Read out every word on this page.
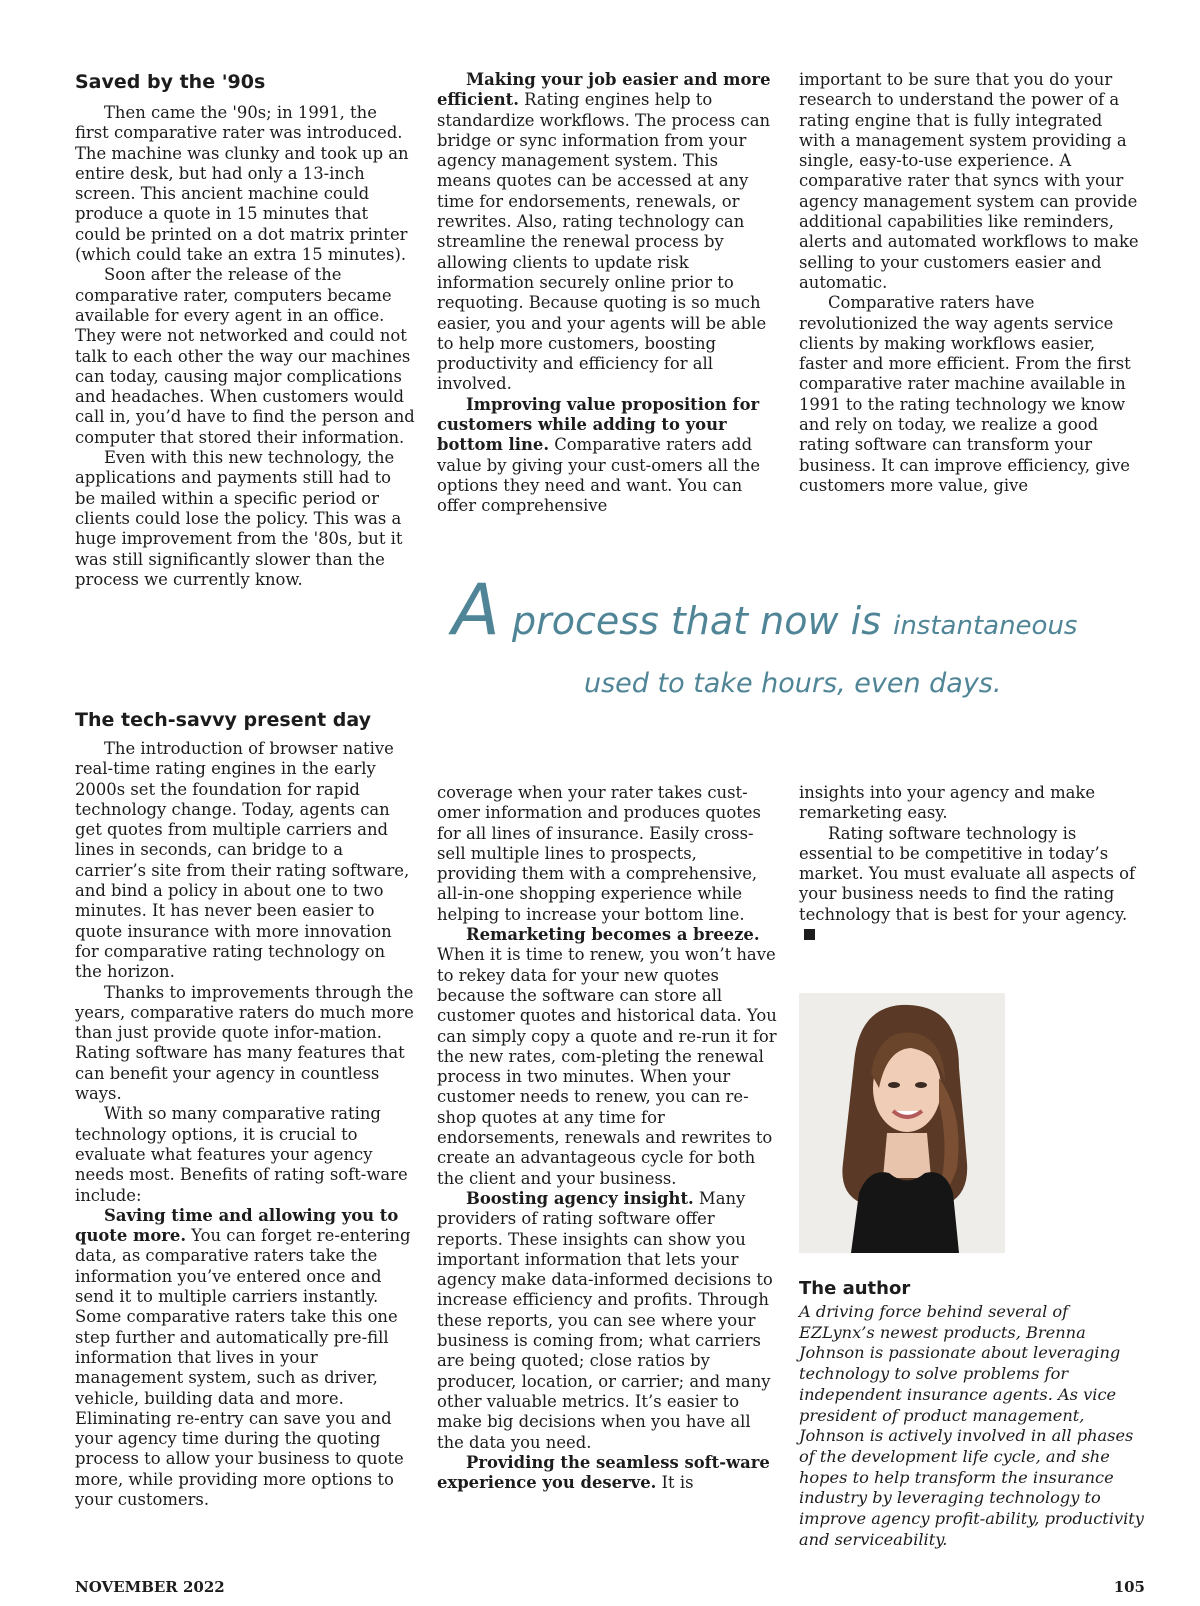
Saved by the '90s

Then came the '90s; in 1991, the first comparative rater was introduced. The machine was clunky and took up an entire desk, but had only a 13-inch screen. This ancient machine could produce a quote in 15 minutes that could be printed on a dot matrix printer (which could take an extra 15 minutes).

Soon after the release of the comparative rater, computers became available for every agent in an office. They were not networked and could not talk to each other the way our machines can today, causing major complications and headaches. When customers would call in, you’d have to find the person and computer that stored their information.

Even with this new technology, the applications and payments still had to be mailed within a specific period or clients could lose the policy. This was a huge improvement from the '80s, but it was still significantly slower than the process we currently know.

The tech-savvy present day

The introduction of browser native real-time rating engines in the early 2000s set the foundation for rapid technology change. Today, agents can get quotes from multiple carriers and lines in seconds, can bridge to a carrier’s site from their rating software, and bind a policy in about one to two minutes. It has never been easier to quote insurance with more innovation for comparative rating technology on the horizon.

Thanks to improvements through the years, comparative raters do much more than just provide quote infor-mation. Rating software has many features that can benefit your agency in countless ways.

With so many comparative rating technology options, it is crucial to evaluate what features your agency needs most. Benefits of rating soft-ware include:

Saving time and allowing you to quote more. You can forget re-entering data, as comparative raters take the information you’ve entered once and send it to multiple carriers instantly. Some comparative raters take this one step further and automatically pre-fill information that lives in your management system, such as driver, vehicle, building data and more. Eliminating re-entry can save you and your agency time during the quoting process to allow your business to quote more, while providing more options to your customers.

Making your job easier and more efficient. Rating engines help to standardize workflows. The process can bridge or sync information from your agency management system. This means quotes can be accessed at any time for endorsements, renewals, or rewrites. Also, rating technology can streamline the renewal process by allowing clients to update risk information securely online prior to requoting. Because quoting is so much easier, you and your agents will be able to help more customers, boosting productivity and efficiency for all involved.

Improving value proposition for customers while adding to your bottom line. Comparative raters add value by giving your cust-omers all the options they need and want. You can offer comprehensive

coverage when your rater takes cust-omer information and produces quotes for all lines of insurance. Easily cross-sell multiple lines to prospects, providing them with a comprehensive, all-in-one shopping experience while helping to increase your bottom line.

Remarketing becomes a breeze. When it is time to renew, you won’t have to rekey data for your new quotes because the software can store all customer quotes and historical data. You can simply copy a quote and re-run it for the new rates, com-pleting the renewal process in two minutes. When your customer needs to renew, you can re-shop quotes at any time for endorsements, renewals and rewrites to create an advantageous cycle for both the client and your business.

Boosting agency insight. Many providers of rating software offer reports. These insights can show you important information that lets your agency make data-informed decisions to increase efficiency and profits. Through these reports, you can see where your business is coming from; what carriers are being quoted; close ratios by producer, location, or carrier; and many other valuable metrics. It’s easier to make big decisions when you have all the data you need.

Providing the seamless soft-ware experience you deserve. It is

important to be sure that you do your research to understand the power of a rating engine that is fully integrated with a management system providing a single, easy-to-use experience. A comparative rater that syncs with your agency management system can provide additional capabilities like reminders, alerts and automated workflows to make selling to your customers easier and automatic.

Comparative raters have revolutionized the way agents service clients by making workflows easier, faster and more efficient. From the first comparative rater machine available in 1991 to the rating technology we know and rely on today, we realize a good rating software can transform your business. It can improve efficiency, give customers more value, give

insights into your agency and make remarketing easy.

Rating software technology is essential to be competitive in today’s market. You must evaluate all aspects of your business needs to find the rating technology that is best for your agency.

A process that now is instantaneous
used to take hours, even days.
The author
A driving force behind several of EZLynx’s newest products, Brenna Johnson is passionate about leveraging technology to solve problems for independent insurance agents. As vice president of product management, Johnson is actively involved in all phases of the development life cycle, and she hopes to help transform the insurance industry by leveraging technology to improve agency profit-ability, productivity and serviceability.
NOVEMBER 2022	105
